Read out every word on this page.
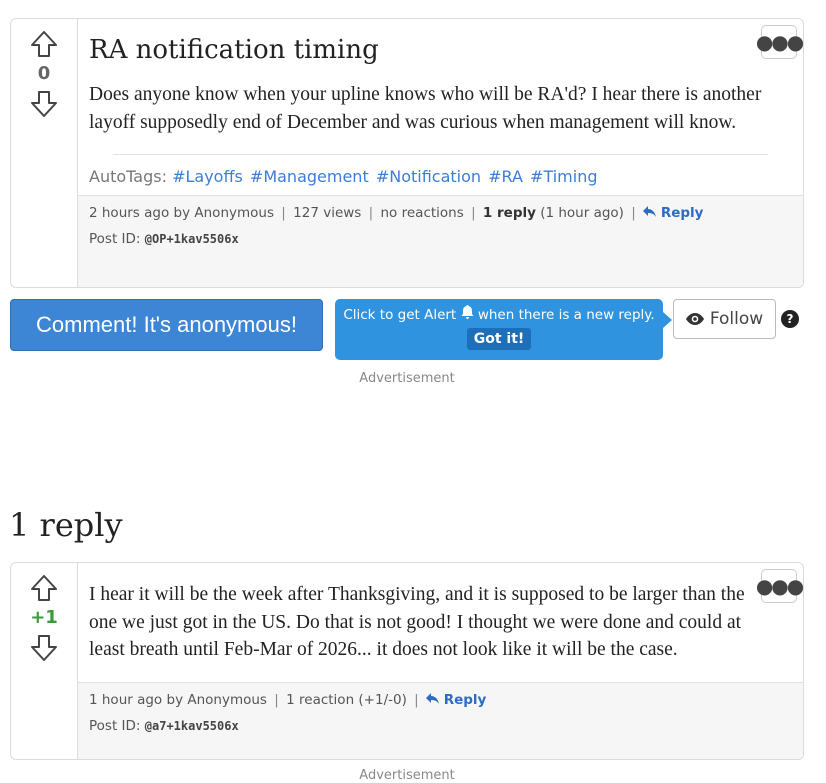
0
●●●
RA notification timing

Does anyone know when your upline knows who will be RA'd? I hear there is another layoff supposedly end of December and was curious when management will know.

AutoTags: #Layoffs #Management #Notification #RA #Timing
2 hours ago by Anonymous | 127 views | no reactions | 1 reply (1 hour ago) | Reply
Post ID: @OP+1kav5506x
Comment! It's anonymous!	Click to get Alert when there is a new reply.
Got it!
Follow	?
Advertisement
1 reply
+1
●●●

I hear it will be the week after Thanksgiving, and it is supposed to be larger than the one we just got in the US. Do that is not good! I thought we were done and could at least breath until Feb-Mar of 2026... it does not look like it will be the case.

1 hour ago by Anonymous | 1 reaction (+1/-0) | Reply
Post ID: @a7+1kav5506x
Advertisement
